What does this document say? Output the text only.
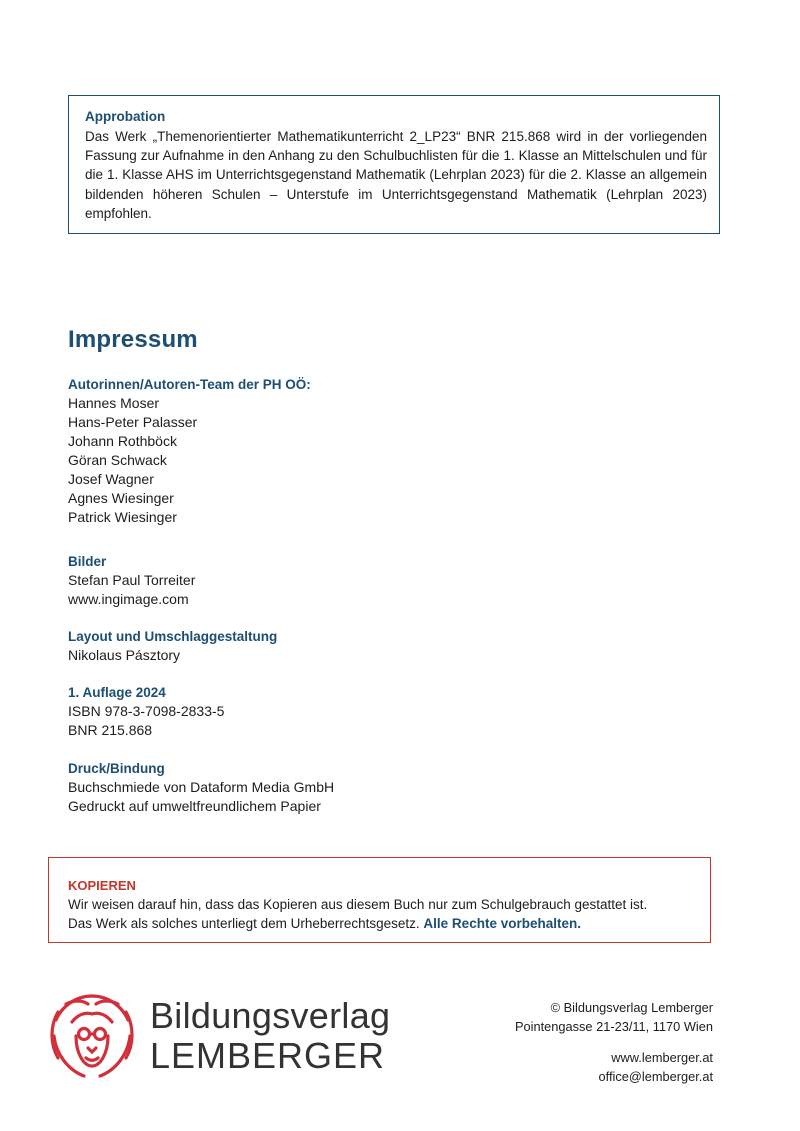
Approbation
Das Werk „Themenorientierter Mathematikunterricht 2_LP23“ BNR 215.868 wird in der vorliegenden Fassung zur Aufnahme in den Anhang zu den Schulbuchlisten für die 1. Klasse an Mittelschulen und für die 1. Klasse AHS im Unterrichtsgegenstand Mathematik (Lehrplan 2023) für die 2. Klasse an allgemein bildenden höheren Schulen – Unterstufe im Unterrichtsgegenstand Mathematik (Lehrplan 2023) empfohlen.
Impressum
Autorinnen/Autoren-Team der PH OÖ:
Hannes Moser
Hans-Peter Palasser
Johann Rothböck
Göran Schwack
Josef Wagner
Agnes Wiesinger
Patrick Wiesinger
Bilder
Stefan Paul Torreiter
www.ingimage.com
Layout und Umschlaggestaltung
Nikolaus Pásztory
1. Auflage 2024
ISBN 978-3-7098-2833-5
BNR 215.868
Druck/Bindung
Buchschmiede von Dataform Media GmbH
Gedruckt auf umweltfreundlichem Papier
KOPIEREN
Wir weisen darauf hin, dass das Kopieren aus diesem Buch nur zum Schulgebrauch gestattet ist.
Das Werk als solches unterliegt dem Urheberrechtsgesetz. Alle Rechte vorbehalten.
Bildungsverlag
LEMBERGER
© Bildungsverlag Lemberger
Pointengasse 21-23/11, 1170 Wien
www.lemberger.at
office@lemberger.at
